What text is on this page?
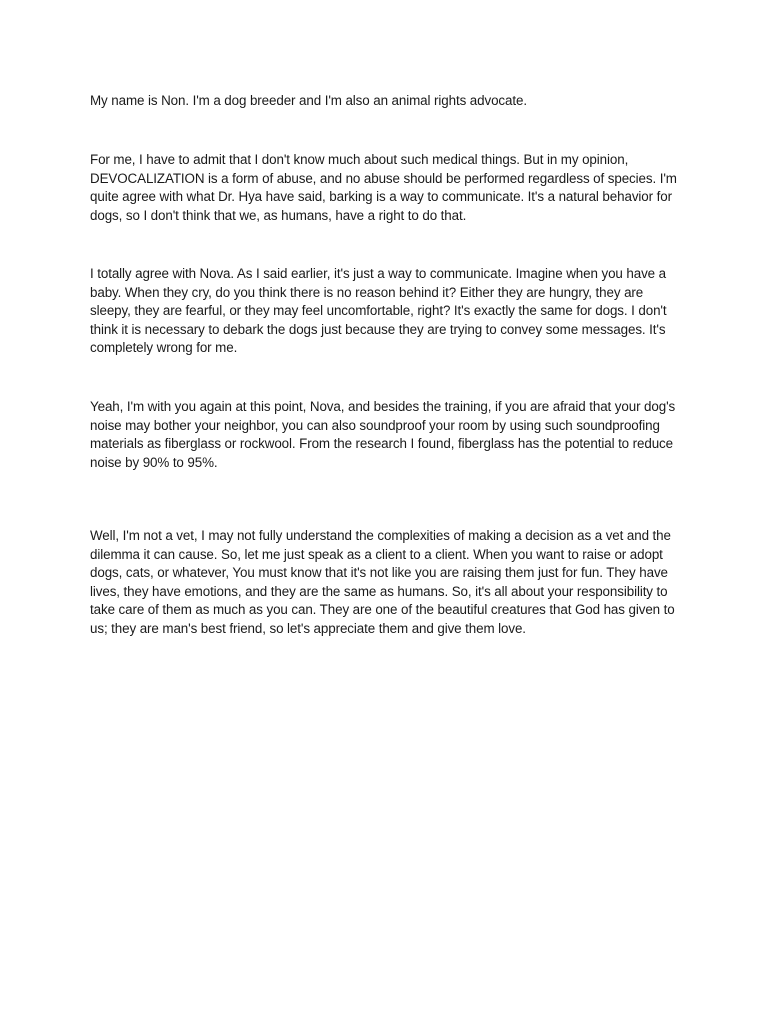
My name is Non. I'm a dog breeder and I'm also an animal rights advocate.

For me, I have to admit that I don't know much about such medical things. But in my opinion, DEVOCALIZATION is a form of abuse, and no abuse should be performed regardless of species. I'm quite agree with what Dr. Hya have said, barking is a way to communicate. It's a natural behavior for dogs, so I don't think that we, as humans, have a right to do that.

I totally agree with Nova. As I said earlier, it's just a way to communicate. Imagine when you have a baby. When they cry, do you think there is no reason behind it? Either they are hungry, they are sleepy, they are fearful, or they may feel uncomfortable, right? It's exactly the same for dogs. I don't think it is necessary to debark the dogs just because they are trying to convey some messages. It's completely wrong for me.

Yeah, I'm with you again at this point, Nova, and besides the training, if you are afraid that your dog's noise may bother your neighbor, you can also soundproof your room by using such soundproofing materials as fiberglass or rockwool. From the research I found, fiberglass has the potential to reduce noise by 90% to 95%.

Well, I'm not a vet, I may not fully understand the complexities of making a decision as a vet and the dilemma it can cause. So, let me just speak as a client to a client. When you want to raise or adopt dogs, cats, or whatever, You must know that it's not like you are raising them just for fun. They have lives, they have emotions, and they are the same as humans. So, it's all about your responsibility to take care of them as much as you can. They are one of the beautiful creatures that God has given to us; they are man's best friend, so let's appreciate them and give them love.
